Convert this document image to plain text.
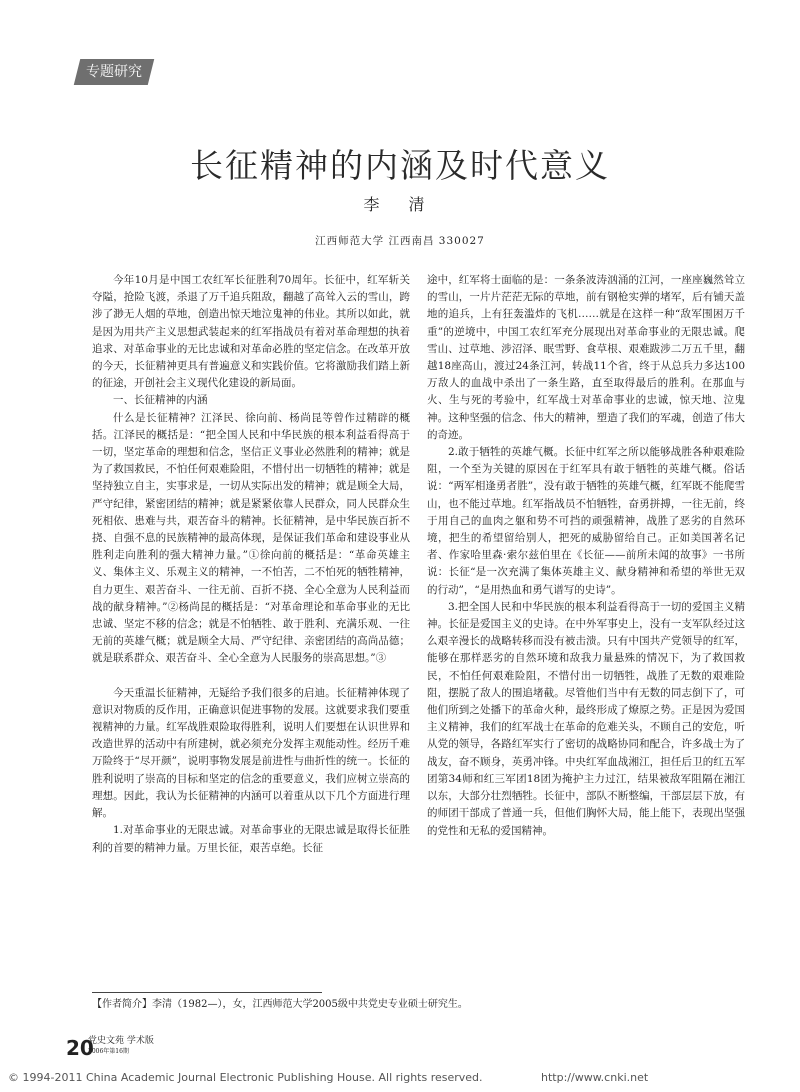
专题研究
长征精神的内涵及时代意义
李 清
江西师范大学 江西南昌 330027

今年10月是中国工农红军长征胜利70周年。长征中，红军斩关夺隘，抢险飞渡，杀退了万千追兵阻敌，翻越了高耸入云的雪山，跨涉了渺无人烟的草地，创造出惊天地泣鬼神的伟业。其所以如此，就是因为用共产主义思想武装起来的红军指战员有着对革命理想的执着追求、对革命事业的无比忠诚和对革命必胜的坚定信念。在改革开放的今天，长征精神更具有普遍意义和实践价值。它将激励我们踏上新的征途，开创社会主义现代化建设的新局面。

一、长征精神的内涵

什么是长征精神？江泽民、徐向前、杨尚昆等曾作过精辟的概括。江泽民的概括是：“把全国人民和中华民族的根本利益看得高于一切，坚定革命的理想和信念，坚信正义事业必然胜利的精神；就是为了救国救民，不怕任何艰难险阻，不惜付出一切牺牲的精神；就是坚持独立自主，实事求是，一切从实际出发的精神；就是顾全大局，严守纪律，紧密团结的精神；就是紧紧依靠人民群众，同人民群众生死相依、患难与共，艰苦奋斗的精神。长征精神，是中华民族百折不挠、自强不息的民族精神的最高体现，是保证我们革命和建设事业从胜利走向胜利的强大精神力量。”①徐向前的概括是：“革命英雄主义、集体主义、乐观主义的精神，一不怕苦，二不怕死的牺牲精神，自力更生、艰苦奋斗、一往无前、百折不挠、全心全意为人民利益而战的献身精神。”②杨尚昆的概括是：“对革命理论和革命事业的无比忠诚、坚定不移的信念；就是不怕牺牲、敢于胜利、充满乐观、一往无前的英雄气概；就是顾全大局、严守纪律、亲密团结的高尚品德；就是联系群众、艰苦奋斗、全心全意为人民服务的崇高思想。”③

今天重温长征精神，无疑给予我们很多的启迪。长征精神体现了意识对物质的反作用，正确意识促进事物的发展。这就要求我们要重视精神的力量。红军战胜艰险取得胜利，说明人们要想在认识世界和改造世界的活动中有所建树，就必须充分发挥主观能动性。经历千难万险终于“尽开颜”，说明事物发展是前进性与曲折性的统一。长征的胜利说明了崇高的目标和坚定的信念的重要意义，我们应树立崇高的理想。因此，我认为长征精神的内涵可以着重从以下几个方面进行理解。

1.对革命事业的无限忠诚。对革命事业的无限忠诚是取得长征胜利的首要的精神力量。万里长征，艰苦卓绝。长征

途中，红军将士面临的是：一条条波涛汹涌的江河，一座座巍然耸立的雪山，一片片茫茫无际的草地，前有钢枪实弹的堵军，后有铺天盖地的追兵，上有狂轰滥炸的飞机……就是在这样一种“敌军围困万千重”的逆境中，中国工农红军充分展现出对革命事业的无限忠诚。爬雪山、过草地、涉沼泽、眠雪野、食草根、艰难跋涉二万五千里，翻越18座高山，渡过24条江河，转战11个省，终于从总兵力多达100万敌人的血战中杀出了一条生路，直至取得最后的胜利。在那血与火、生与死的考验中，红军战士对革命事业的忠诚，惊天地、泣鬼神。这种坚强的信念、伟大的精神，塑造了我们的军魂，创造了伟大的奇迹。

2.敢于牺牲的英雄气概。长征中红军之所以能够战胜各种艰难险阻，一个至为关键的原因在于红军具有敢于牺牲的英雄气概。俗话说：“两军相逢勇者胜”，没有敢于牺牲的英雄气概，红军既不能爬雪山，也不能过草地。红军指战员不怕牺牲，奋勇拼搏，一往无前，终于用自己的血肉之躯和势不可挡的顽强精神，战胜了恶劣的自然环境，把生的希望留给别人，把死的威胁留给自己。正如美国著名记者、作家哈里森·索尔兹伯里在《长征——前所未闻的故事》一书所说：长征“是一次充满了集体英雄主义、献身精神和希望的举世无双的行动”，“是用热血和勇气谱写的史诗”。

3.把全国人民和中华民族的根本利益看得高于一切的爱国主义精神。长征是爱国主义的史诗。在中外军事史上，没有一支军队经过这么艰辛漫长的战略转移而没有被击溃。只有中国共产党领导的红军，能够在那样恶劣的自然环境和敌我力量悬殊的情况下，为了救国救民，不怕任何艰难险阻，不惜付出一切牺牲，战胜了无数的艰难险阻，摆脱了敌人的围追堵截。尽管他们当中有无数的同志倒下了，可他们所到之处播下的革命火种，最终形成了燎原之势。正是因为爱国主义精神，我们的红军战士在革命的危难关头，不顾自己的安危，听从党的领导，各路红军实行了密切的战略协同和配合，许多战士为了战友，奋不顾身，英勇冲锋。中央红军血战湘江，担任后卫的红五军团第34师和红三军团18团为掩护主力过江，结果被敌军阻隔在湘江以东，大部分壮烈牺牲。长征中，部队不断整编，干部层层下放，有的师团干部成了普通一兵，但他们胸怀大局，能上能下，表现出坚强的党性和无私的爱国精神。

【作者简介】李清（1982—），女，江西师范大学2005级中共党史专业硕士研究生。
20
党史文苑 学术版
2006年第16期
© 1994-2011 China Academic Journal Electronic Publishing House. All rights reserved.	http://www.cnki.net
